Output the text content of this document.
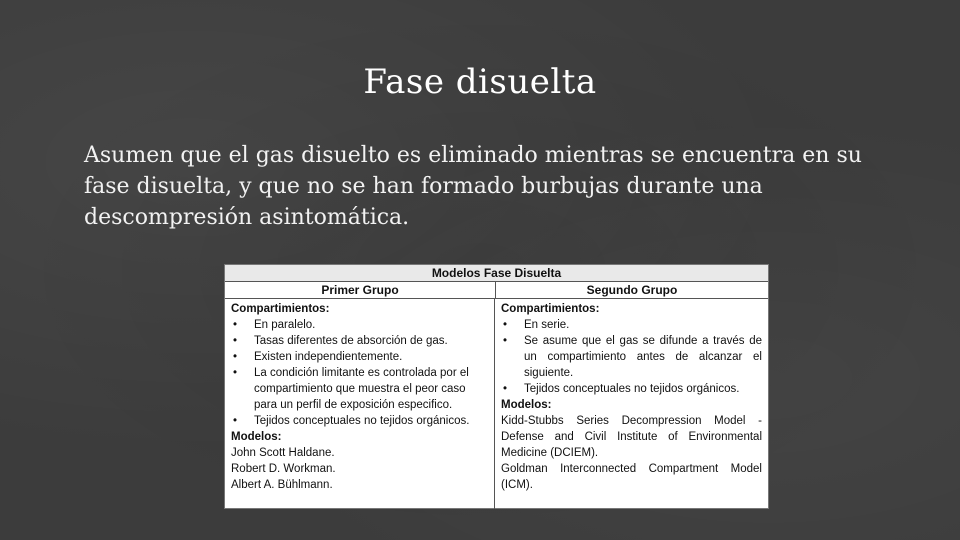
Fase disuelta
Asumen que el gas disuelto es eliminado mientras se encuentra en su fase disuelta, y que no se han formado burbujas durante una descompresión asintomática.
Modelos Fase Disuelta
Primer Grupo	Segundo Grupo
Compartimientos:
• En paralelo.
• Tasas diferentes de absorción de gas.
• Existen independientemente.
• La condición limitante es controlada por el compartimiento que muestra el peor caso para un perfil de exposición especifico.
• Tejidos conceptuales no tejidos orgánicos.
Modelos:
John Scott Haldane.
Robert D. Workman.
Albert A. Bühlmann.
Compartimientos:
• En serie.
• Se asume que el gas se difunde a través de un compartimiento antes de alcanzar el siguiente.
• Tejidos conceptuales no tejidos orgánicos.
Modelos:
Kidd-Stubbs Series Decompression Model - Defense and Civil Institute of Environmental Medicine (DCIEM).
Goldman Interconnected Compartment Model (ICM).
